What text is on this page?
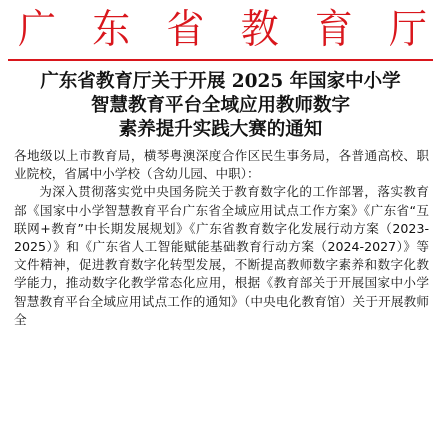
广 东 省 教 育 厅
广东省教育厅关于开展 2025 年国家中小学
智慧教育平台全域应用教师数字
素养提升实践大赛的通知

各地级以上市教育局，横琴粤澳深度合作区民生事务局，各普通高校、职业院校，省属中小学校（含幼儿园、中职）：

为深入贯彻落实党中央国务院关于教育数字化的工作部署，落实教育部《国家中小学智慧教育平台广东省全域应用试点工作方案》《广东省“互联网+教育”中长期发展规划》《广东省教育数字化发展行动方案（2023-2025）》和《广东省人工智能赋能基础教育行动方案（2024-2027）》等文件精神，促进教育数字化转型发展，不断提高教师数字素养和数字化教学能力，推动数字化教学常态化应用，根据《教育部关于开展国家中小学智慧教育平台全域应用试点工作的通知》（中央电化教育馆）关于开展教师全
